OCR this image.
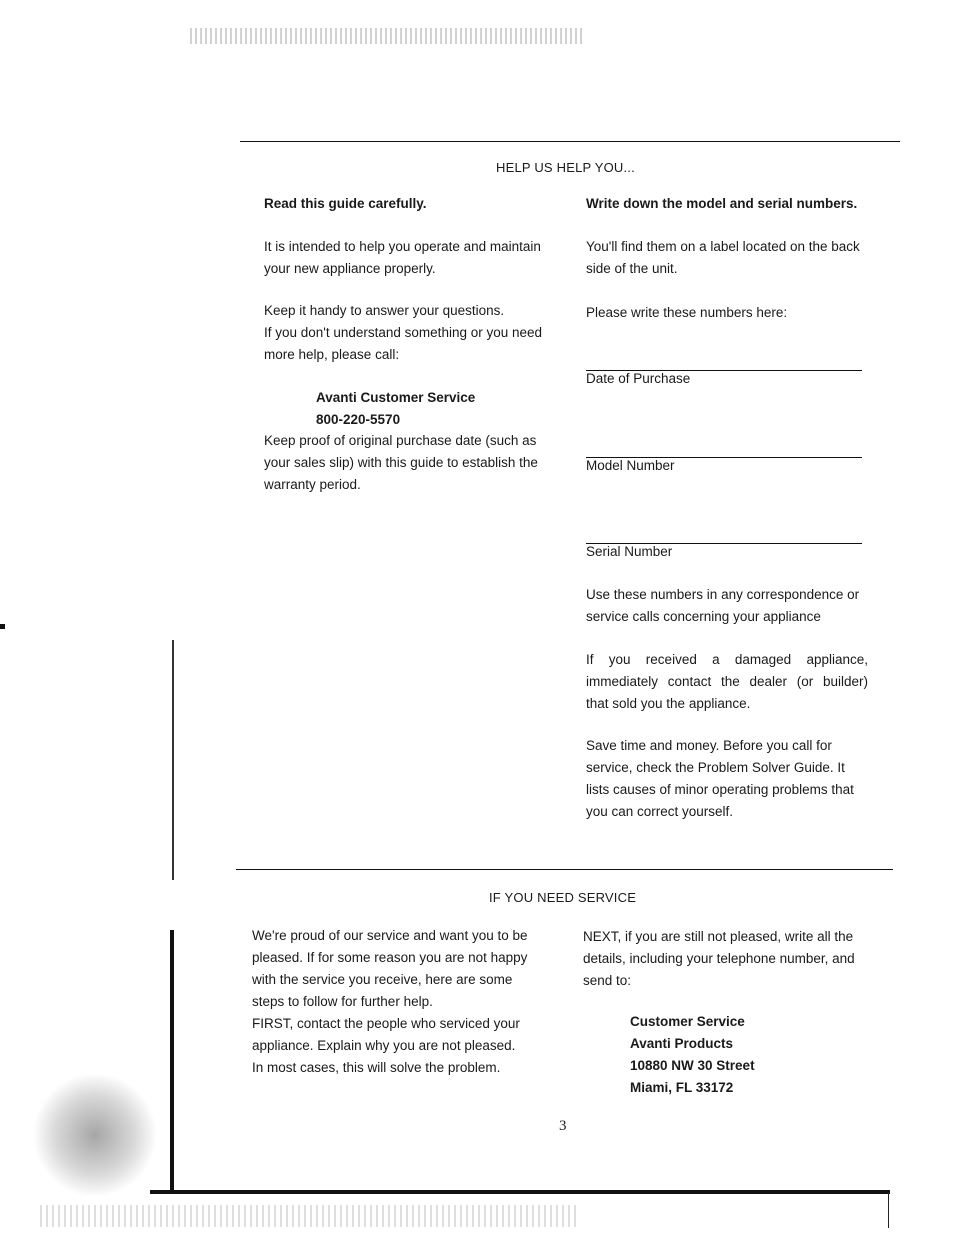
HELP US HELP YOU...
Read this guide carefully.
It is intended to help you operate and maintain
your new appliance properly.
Keep it handy to answer your questions.
If you don't understand something or you need
more help, please call:
Avanti Customer Service
800-220-5570
Keep proof of original purchase date (such as
your sales slip) with this guide to establish the
warranty period.
Write down the model and serial numbers.
You'll find them on a label located on the back
side of the unit.
Please write these numbers here:
Date of Purchase
Model Number
Serial Number
Use these numbers in any correspondence or
service calls concerning your appliance
If you received a damaged appliance,
immediately contact the dealer (or builder)
that sold you the appliance.
Save time and money. Before you call for
service, check the Problem Solver Guide. It
lists causes of minor operating problems that
you can correct yourself.
IF YOU NEED SERVICE
We're proud of our service and want you to be
pleased. If for some reason you are not happy
with the service you receive, here are some
steps to follow for further help.
FIRST, contact the people who serviced your
appliance. Explain why you are not pleased.
In most cases, this will solve the problem.
NEXT, if you are still not pleased, write all the
details, including your telephone number, and
send to:
Customer Service
Avanti Products
10880 NW 30 Street
Miami, FL 33172
3
